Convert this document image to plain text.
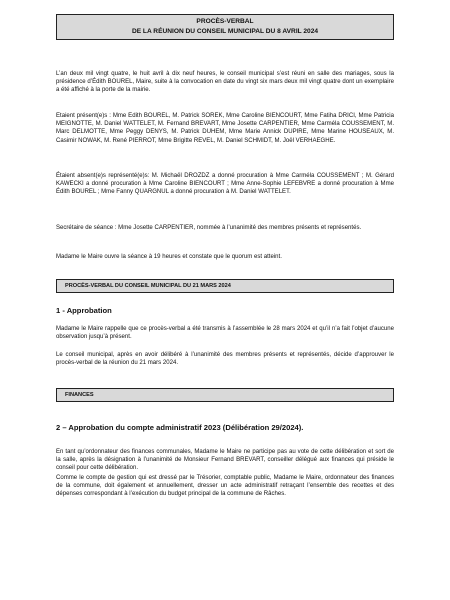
PROCÈS-VERBAL
DE LA RÉUNION DU CONSEIL MUNICIPAL DU 8 AVRIL 2024

L’an deux mil vingt quatre, le huit avril à dix neuf heures, le conseil municipal s’est réuni en salle des mariages, sous la présidence d’Édith BOUREL, Maire, suite à la convocation en date du vingt six mars deux mil vingt quatre dont un exemplaire a été affiché à la porte de la mairie.

Etaient présent(e)s : Mme Edith BOUREL, M. Patrick SOREK, Mme Caroline BIENCOURT, Mme Fatiha DRICI, Mme Patricia MEIGNOTTE, M. Daniel WATTELET, M. Fernand BREVART, Mme Josette CARPENTIER, Mme Carméla COUSSEMENT, M. Marc DELMOTTE, Mme Peggy DENYS, M. Patrick DUHEM, Mme Marie Annick DUPIRE, Mme Marine HOUSEAUX, M. Casimir NOWAK, M. René PIERROT, Mme Brigitte REVEL, M. Daniel SCHMIDT, M. Joël VERHAEGHE.

Étaient absent(e)s représenté(e)s: M. Michaël DROZDZ a donné procuration à Mme Carméla COUSSEMENT ; M. Gérard KAWECKI a donné procuration à Mme Caroline BIENCOURT ; Mme Anne-Sophie LEFEBVRE a donné procuration à Mme Édith BOUREL ; Mme Fanny QUARGNUL a donné procuration à M. Daniel WATTELET.

Secrétaire de séance : Mme Josette CARPENTIER, nommée à l’unanimité des membres présents et représentés.

Madame le Maire ouvre la séance à 19 heures et constate que le quorum est atteint.

PROCÈS-VERBAL DU CONSEIL MUNICIPAL DU 21 MARS 2024

1 - Approbation

Madame le Maire rappelle que ce procès-verbal a été transmis à l’assemblée le 28 mars 2024 et qu’il n’a fait l’objet d’aucune observation jusqu’à présent.

Le conseil municipal, après en avoir délibéré à l’unanimité des membres présents et représentés, décide d’approuver le procès-verbal de la réunion du 21 mars 2024.

FINANCES

2 – Approbation du compte administratif 2023 (Délibération 29/2024).

En tant qu’ordonnateur des finances communales, Madame le Maire ne participe pas au vote de cette délibération et sort de la salle, après la désignation à l’unanimité de Monsieur Fernand BREVART, conseiller délégué aux finances qui préside le conseil pour cette délibération.

Comme le compte de gestion qui est dressé par le Trésorier, comptable public, Madame le Maire, ordonnateur des finances de la commune, doit également et annuellement, dresser un acte administratif retraçant l’ensemble des recettes et des dépenses correspondant à l’exécution du budget principal de la commune de Râches.
